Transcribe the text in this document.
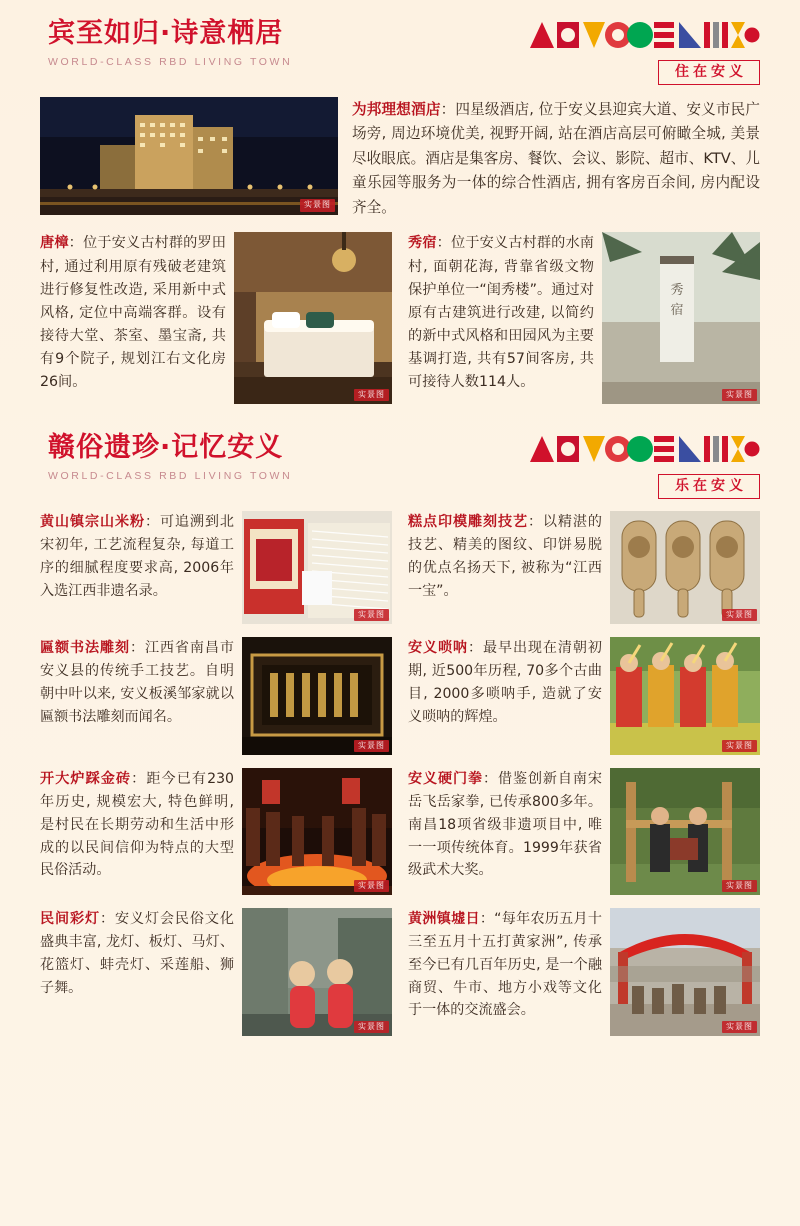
宾至如归·诗意栖居
WORLD-CLASS RBD LIVING TOWN
住在安义
实景图
为邦理想酒店：四星级酒店, 位于安义县迎宾大道、安义市民广场旁, 周边环境优美, 视野开阔, 站在酒店高层可俯瞰全城, 美景尽收眼底。酒店是集客房、餐饮、会议、影院、超市、KTV、儿童乐园等服务为一体的综合性酒店, 拥有客房百余间, 房内配设齐全。
唐樟：位于安义古村群的罗田村, 通过利用原有残破老建筑进行修复性改造, 采用新中式风格, 定位中高端客群。设有接待大堂、茶室、墨宝斋, 共有9个院子, 规划江右文化房26间。
实景图
秀宿：位于安义古村群的水南村, 面朝花海, 背靠省级文物保护单位一“闺秀楼”。通过对原有古建筑进行改建, 以简约的新中式风格和田园风为主要基调打造, 共有57间客房, 共可接待人数114人。
秀
宿
实景图
赣俗遗珍·记忆安义
WORLD-CLASS RBD LIVING TOWN
乐在安义
黄山镇宗山米粉：可追溯到北宋初年, 工艺流程复杂, 每道工序的细腻程度要求高, 2006年入选江西非遗名录。
实景图
糕点印模雕刻技艺：以精湛的技艺、精美的图纹、印饼易脱的优点名扬天下, 被称为“江西一宝”。
实景图
匾额书法雕刻：江西省南昌市安义县的传统手工技艺。自明朝中叶以来, 安义板溪邹家就以匾额书法雕刻而闻名。
实景图
安义唢呐：最早出现在清朝初期, 近500年历程, 70多个古曲目, 2000多唢呐手, 造就了安义唢呐的辉煌。
实景图
开大炉踩金砖：距今已有230年历史, 规模宏大, 特色鲜明, 是村民在长期劳动和生活中形成的以民间信仰为特点的大型民俗活动。
实景图
安义硬门拳：借鉴创新自南宋岳飞岳家拳, 已传承800多年。南昌18项省级非遗项目中, 唯一一项传统体育。1999年获省级武术大奖。
实景图
民间彩灯：安义灯会民俗文化盛典丰富, 龙灯、板灯、马灯、花篮灯、蚌壳灯、采莲船、狮子舞。
实景图
黄洲镇墟日：“每年农历五月十三至五月十五打黄家洲”, 传承至今已有几百年历史, 是一个融商贸、牛市、地方小戏等文化于一体的交流盛会。
实景图
